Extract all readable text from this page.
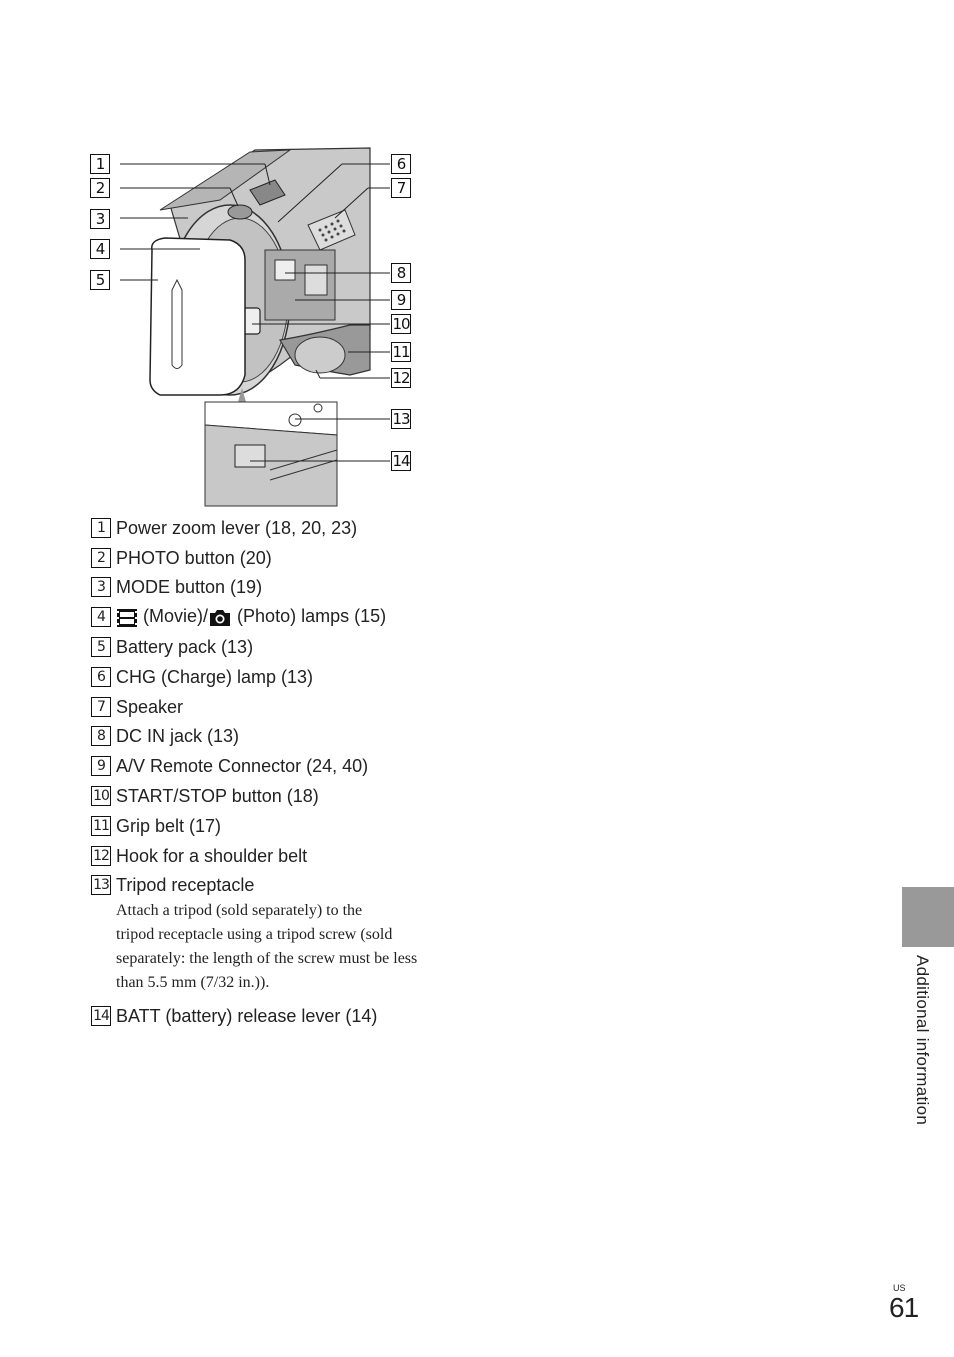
1
2
3
4
5
6
7
8
9
10
11
12
13
14
1 Power zoom lever (18, 20, 23)
2 PHOTO button (20)
3 MODE button (19)
4	(Movie)/ (Photo) lamps (15)
5 Battery pack (13)
6 CHG (Charge) lamp (13)
7 Speaker
8 DC IN jack (13)
9 A/V Remote Connector (24, 40)
10 START/STOP button (18)
11 Grip belt (17)
12 Hook for a shoulder belt
13 Tripod receptacle
Attach a tripod (sold separately) to the
tripod receptacle using a tripod screw (sold
separately: the length of the screw must be less
than 5.5 mm (7/32 in.)).
14 BATT (battery) release lever (14)	Additional information
US
61
